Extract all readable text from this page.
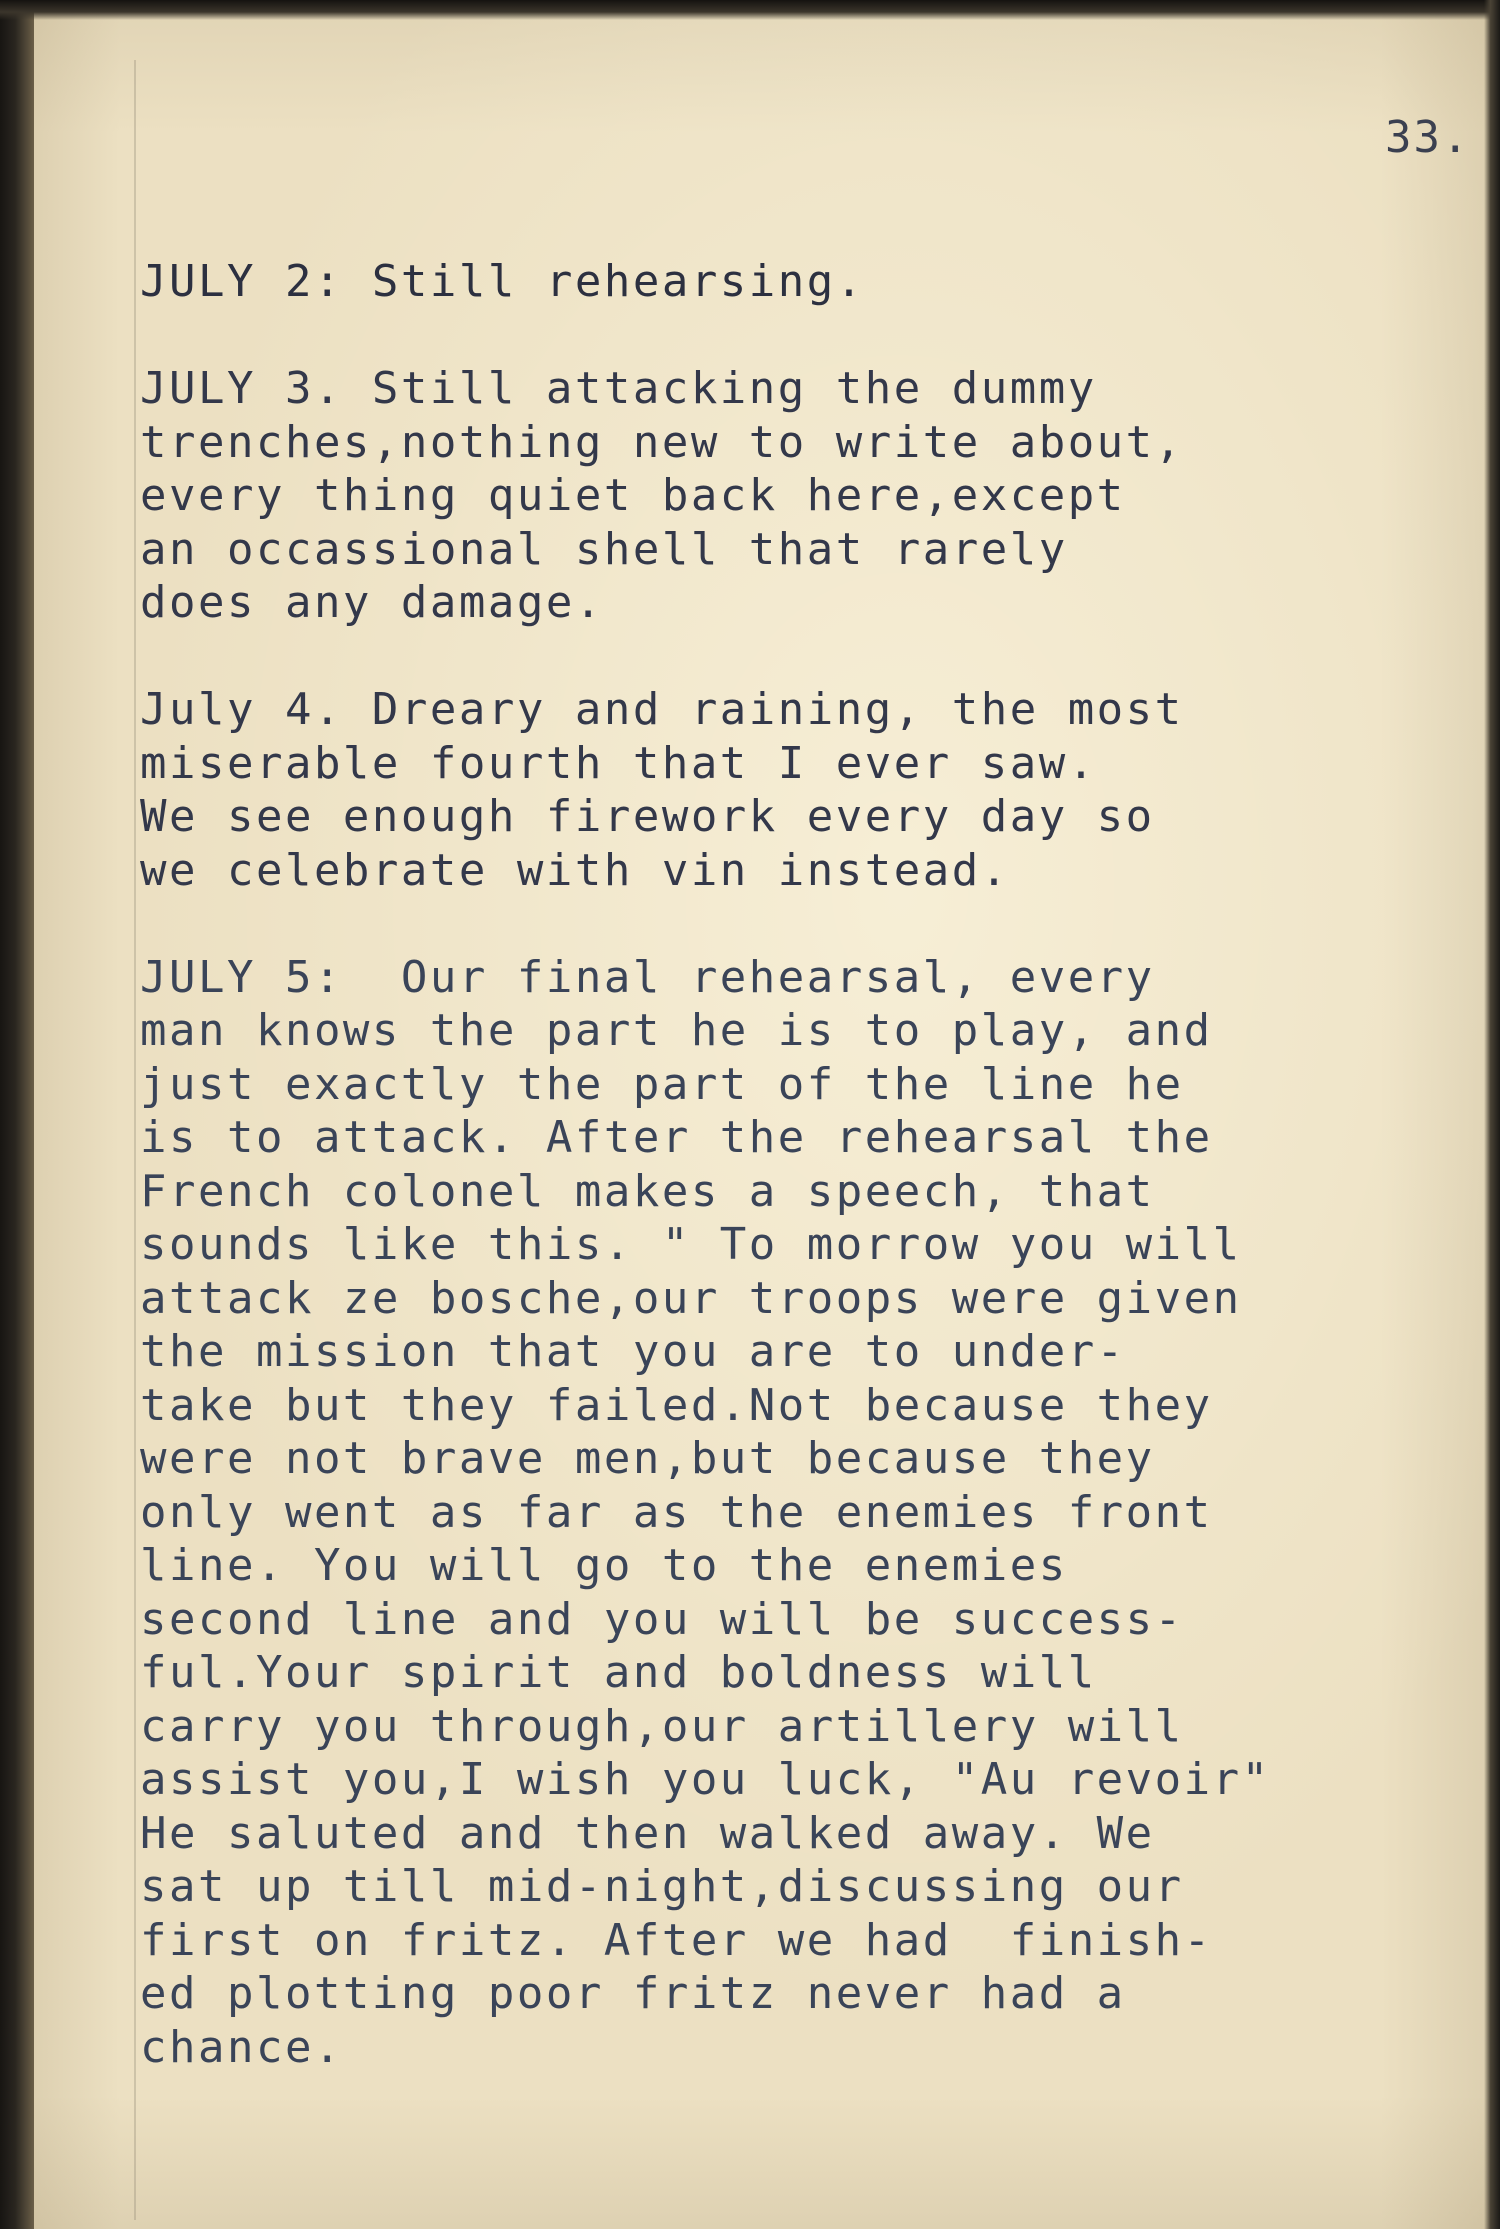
33.
JULY 2: Still rehearsing.
JULY 3. Still attacking the dummy
trenches,nothing new to write about,
every thing quiet back here,except
an occassional shell that rarely
does any damage.
July 4. Dreary and raining, the most
miserable fourth that I ever saw.
We see enough firework every day so
we celebrate with vin instead.
JULY 5:  Our final rehearsal, every
man knows the part he is to play, and
just exactly the part of the line he
is to attack. After the rehearsal the
French colonel makes a speech, that
sounds like this. " To morrow you will
attack ze bosche,our troops were given
the mission that you are to under-
take but they failed.Not because they
were not brave men,but because they
only went as far as the enemies front
line. You will go to the enemies
second line and you will be success-
ful.Your spirit and boldness will
carry you through,our artillery will
assist you,I wish you luck, "Au revoir"
He saluted and then walked away. We
sat up till mid-night,discussing our
first on fritz. After we had  finish-
ed plotting poor fritz never had a
chance.
